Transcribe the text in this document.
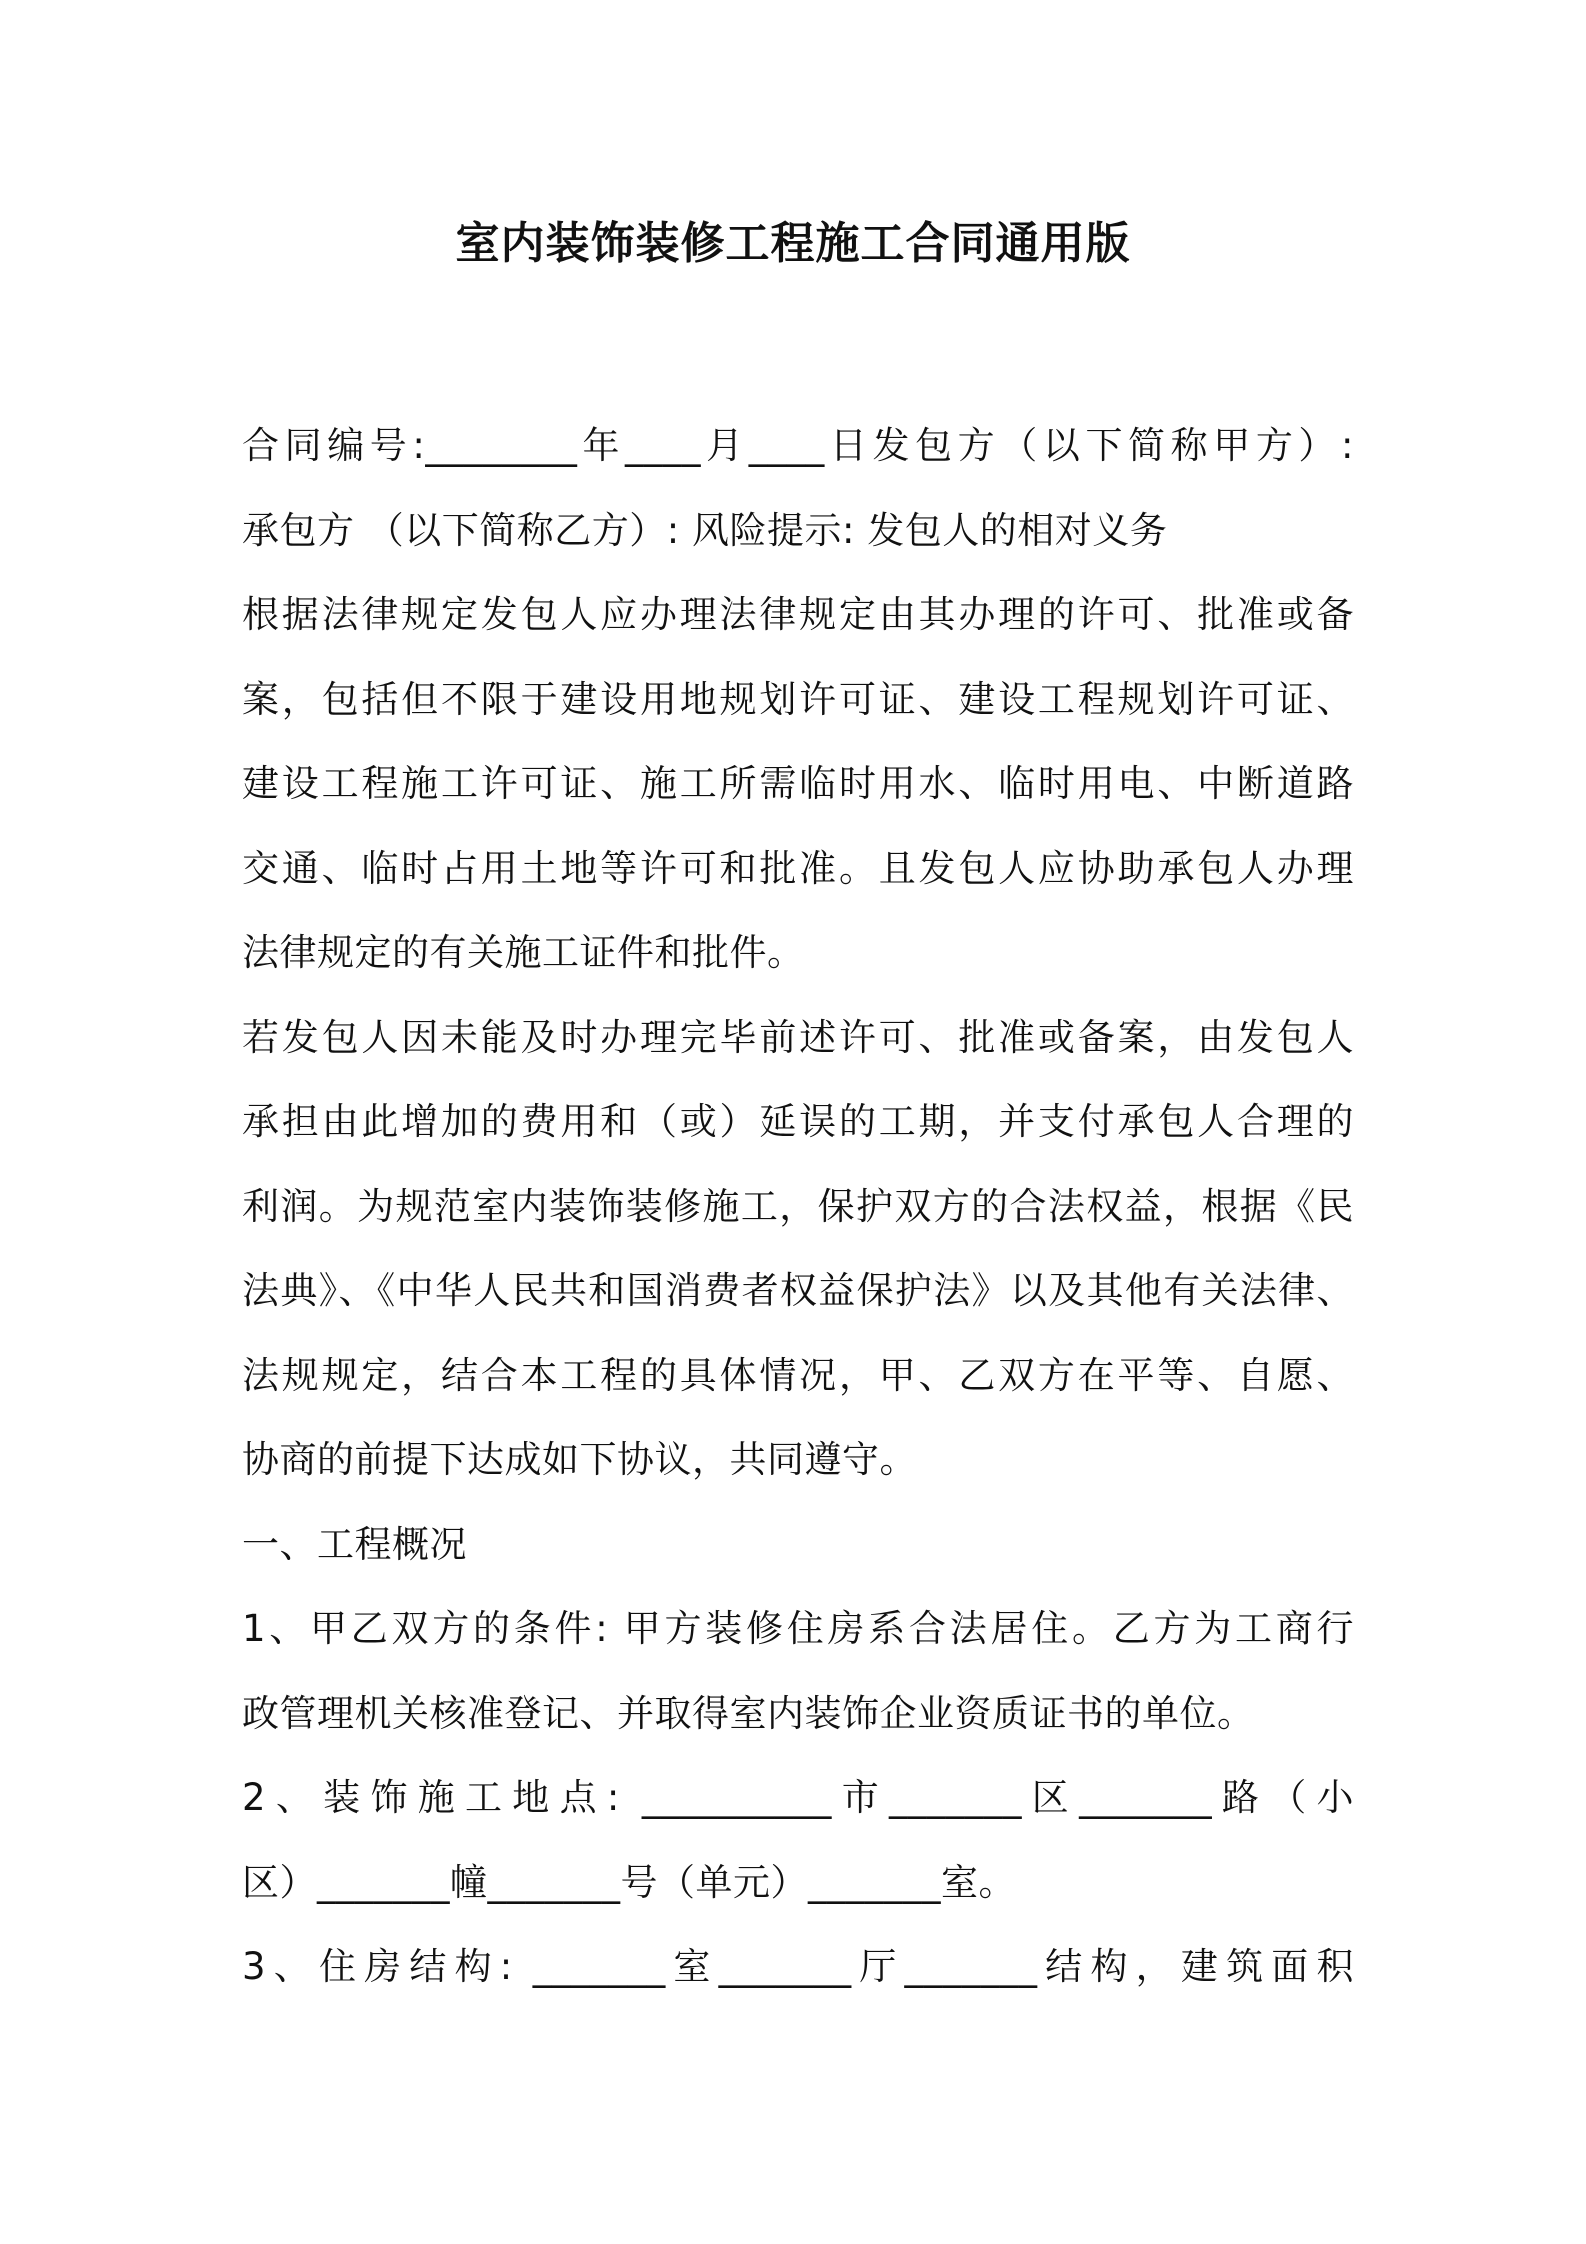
室内装饰装修工程施工合同通用版

合同编号:________年____月____日发包方（以下简称甲方）:

承包方 （以下简称乙方）: 风险提示: 发包人的相对义务

根据法律规定发包人应办理法律规定由其办理的许可、批准或备

案，包括但不限于建设用地规划许可证、建设工程规划许可证、

建设工程施工许可证、施工所需临时用水、临时用电、中断道路

交通、临时占用土地等许可和批准。且发包人应协助承包人办理

法律规定的有关施工证件和批件。

若发包人因未能及时办理完毕前述许可、批准或备案，由发包人

承担由此增加的费用和（或）延误的工期，并支付承包人合理的

利润。为规范室内装饰装修施工，保护双方的合法权益，根据《民

法典》、《中华人民共和国消费者权益保护法》以及其他有关法律、

法规规定，结合本工程的具体情况，甲、乙双方在平等、自愿、

协商的前提下达成如下协议，共同遵守。

一、工程概况

1、甲乙双方的条件: 甲方装修住房系合法居住。乙方为工商行

政管理机关核准登记、并取得室内装饰企业资质证书的单位。

2、装饰施工地点: __________市_______区_______路（小

区）_______幢_______号（单元）_______室。

3、住房结构: _______室_______厅_______结构，建筑面积
